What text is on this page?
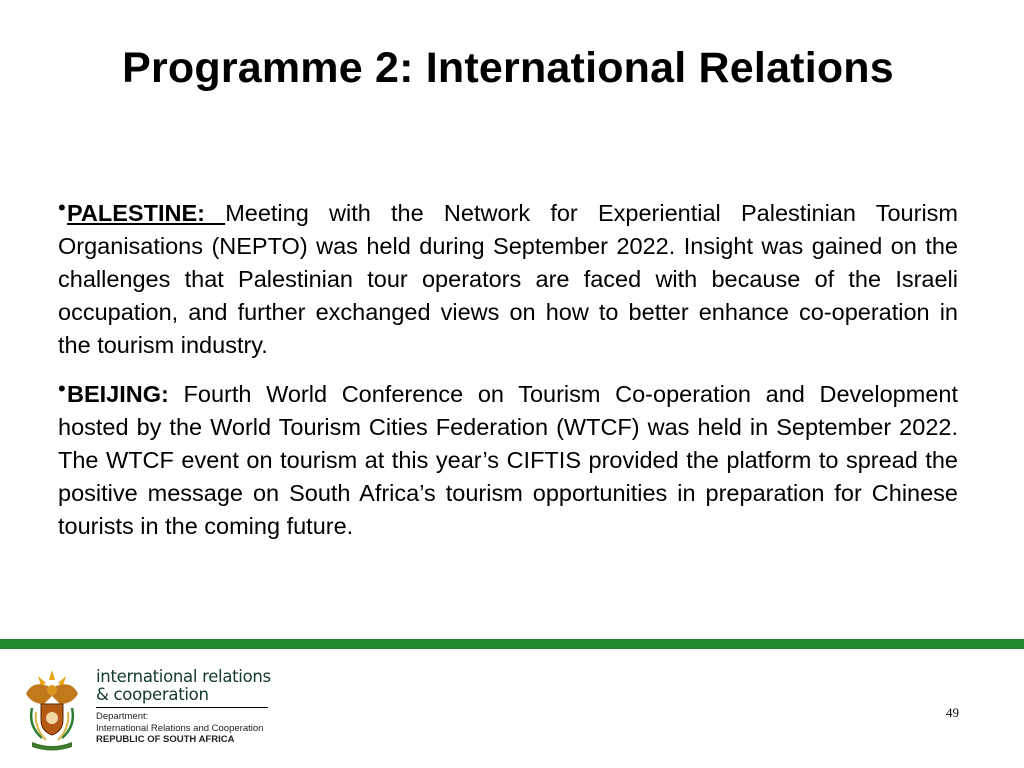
Programme 2: International Relations

• PALESTINE: Meeting with the Network for Experiential Palestinian Tourism Organisations (NEPTO) was held during September 2022. Insight was gained on the challenges that Palestinian tour operators are faced with because of the Israeli occupation, and further exchanged views on how to better enhance co-operation in the tourism industry.

• BEIJING: Fourth World Conference on Tourism Co-operation and Development hosted by the World Tourism Cities Federation (WTCF) was held in September 2022. The WTCF event on tourism at this year’s CIFTIS provided the platform to spread the positive message on South Africa’s tourism opportunities in preparation for Chinese tourists in the coming future.

international relations
& cooperation
Department:
International Relations and Cooperation
REPUBLIC OF SOUTH AFRICA
49
